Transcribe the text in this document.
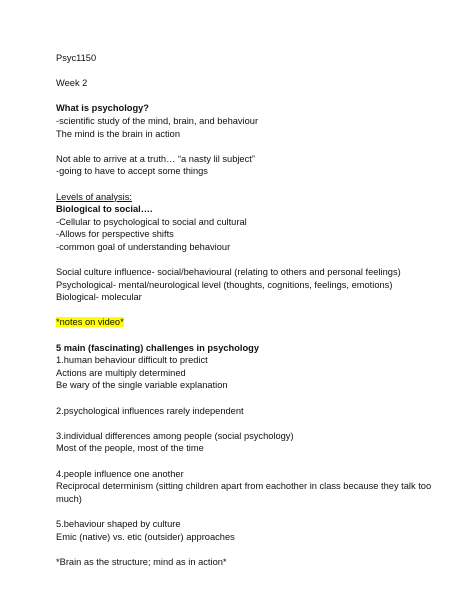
Psyc1150
Week 2
What is psychology?
-scientific study of the mind, brain, and behaviour
The mind is the brain in action
Not able to arrive at a truth… “a nasty lil subject”
-going to have to accept some things
Levels of analysis:
Biological to social….
-Cellular to psychological to social and cultural
-Allows for perspective shifts
-common goal of understanding behaviour
Social culture influence- social/behavioural (relating to others and personal feelings)
Psychological- mental/neurological level (thoughts, cognitions, feelings, emotions)
Biological- molecular
*notes on video*
5 main (fascinating) challenges in psychology
1.human behaviour difficult to predict
Actions are multiply determined
Be wary of the single variable explanation
2.psychological influences rarely independent
3.individual differences among people (social psychology)
Most of the people, most of the time
4.people influence one another
Reciprocal determinism (sitting children apart from eachother in class because they talk too much)
5.behaviour shaped by culture
Emic (native) vs. etic (outsider) approaches
*Brain as the structure; mind as in action*
